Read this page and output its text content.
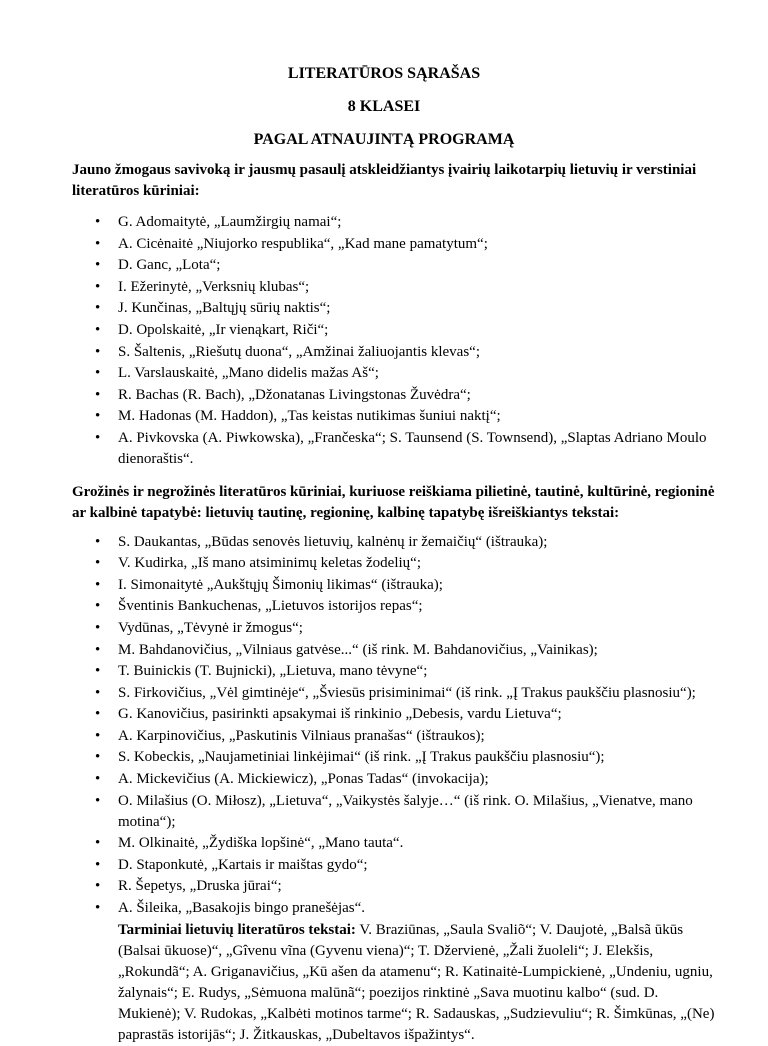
LITERATŪROS SĄRAŠAS
8 KLASEI
PAGAL ATNAUJINTĄ PROGRAMĄ

Jauno žmogaus savivoką ir jausmų pasaulį atskleidžiantys įvairių laikotarpių lietuvių ir verstiniai literatūros kūriniai:

• G. Adomaitytė, „Laumžirgių namai“;
• A. Cicėnaitė „Niujorko respublika“, „Kad mane pamatytum“;
• D. Ganc, „Lota“;
• I. Ežerinytė, „Verksnių klubas“;
• J. Kunčinas, „Baltųjų sūrių naktis“;
• D. Opolskaitė, „Ir vienąkart, Riči“;
• S. Šaltenis, „Riešutų duona“, „Amžinai žaliuojantis klevas“;
• L. Varslauskaitė, „Mano didelis mažas Aš“;
• R. Bachas (R. Bach), „Džonatanas Livingstonas Žuvėdra“;
• M. Hadonas (M. Haddon), „Tas keistas nutikimas šuniui naktį“;
• A. Pivkovska (A. Piwkowska), „Frančeska“; S. Taunsend (S. Townsend), „Slaptas Adriano Moulo dienoraštis“.

Grožinės ir negrožinės literatūros kūriniai, kuriuose reiškiama pilietinė, tautinė, kultūrinė, regioninė ar kalbinė tapatybė: lietuvių tautinę, regioninę, kalbinę tapatybę išreiškiantys tekstai:

• S. Daukantas, „Būdas senovės lietuvių, kalnėnų ir žemaičių“ (ištrauka);
• V. Kudirka, „Iš mano atsiminimų keletas žodelių“;
• I. Simonaitytė „Aukštųjų Šimonių likimas“ (ištrauka);
• Šventinis Bankuchenas, „Lietuvos istorijos repas“;
• Vydūnas, „Tėvynė ir žmogus“;
• M. Bahdanovičius, „Vilniaus gatvėse...“ (iš rink. M. Bahdanovičius, „Vainikas);
• T. Buinickis (T. Bujnicki), „Lietuva, mano tėvyne“;
• S. Firkovičius, „Vėl gimtinėje“, „Šviesūs prisiminimai“ (iš rink. „Į Trakus paukščiu plasnosiu“);
• G. Kanovičius, pasirinkti apsakymai iš rinkinio „Debesis, vardu Lietuva“;
• A. Karpinovičius, „Paskutinis Vilniaus pranašas“ (ištraukos);
• S. Kobeckis, „Naujametiniai linkėjimai“ (iš rink. „Į Trakus paukščiu plasnosiu“);
• A. Mickevičius (A. Mickiewicz), „Ponas Tadas“ (invokacija);
• O. Milašius (O. Miłosz), „Lietuva“, „Vaikystės šalyje…“ (iš rink. O. Milašius, „Vienatve, mano motina“);
• M. Olkinaitė, „Žydiška lopšinė“, „Mano tauta“.
• D. Staponkutė, „Kartais ir maištas gydo“;
• R. Šepetys, „Druska jūrai“;
• A. Šileika, „Basakojis bingo pranešėjas“.
Tarminiai lietuvių literatūros tekstai: V. Braziūnas, „Saula Svaliõ“; V. Daujotė, „Balsã ūkūs (Balsai ūkuose)“, „Gîvenu vĩna (Gyvenu viena)“; T. Džervienė, „Žali žuoleli“; J. Elekšis, „Rokundã“; A. Griganavičius, „Kū ašen da atamenu“; R. Katinaitė-Lumpickienė, „Undeniu, ugniu, žalynais“; E. Rudys, „Sėmuona malūnã“; poezijos rinktinė „Sava muotinu kalbo“ (sud. D. Mukienė); V. Rudokas, „Kalbėti motinos tarme“; R. Sadauskas, „Sudzievuliu“; R. Šimkūnas, „(Ne) paprastās istorijās“; J. Žitkauskas, „Dubeltavos išpažintys“.
